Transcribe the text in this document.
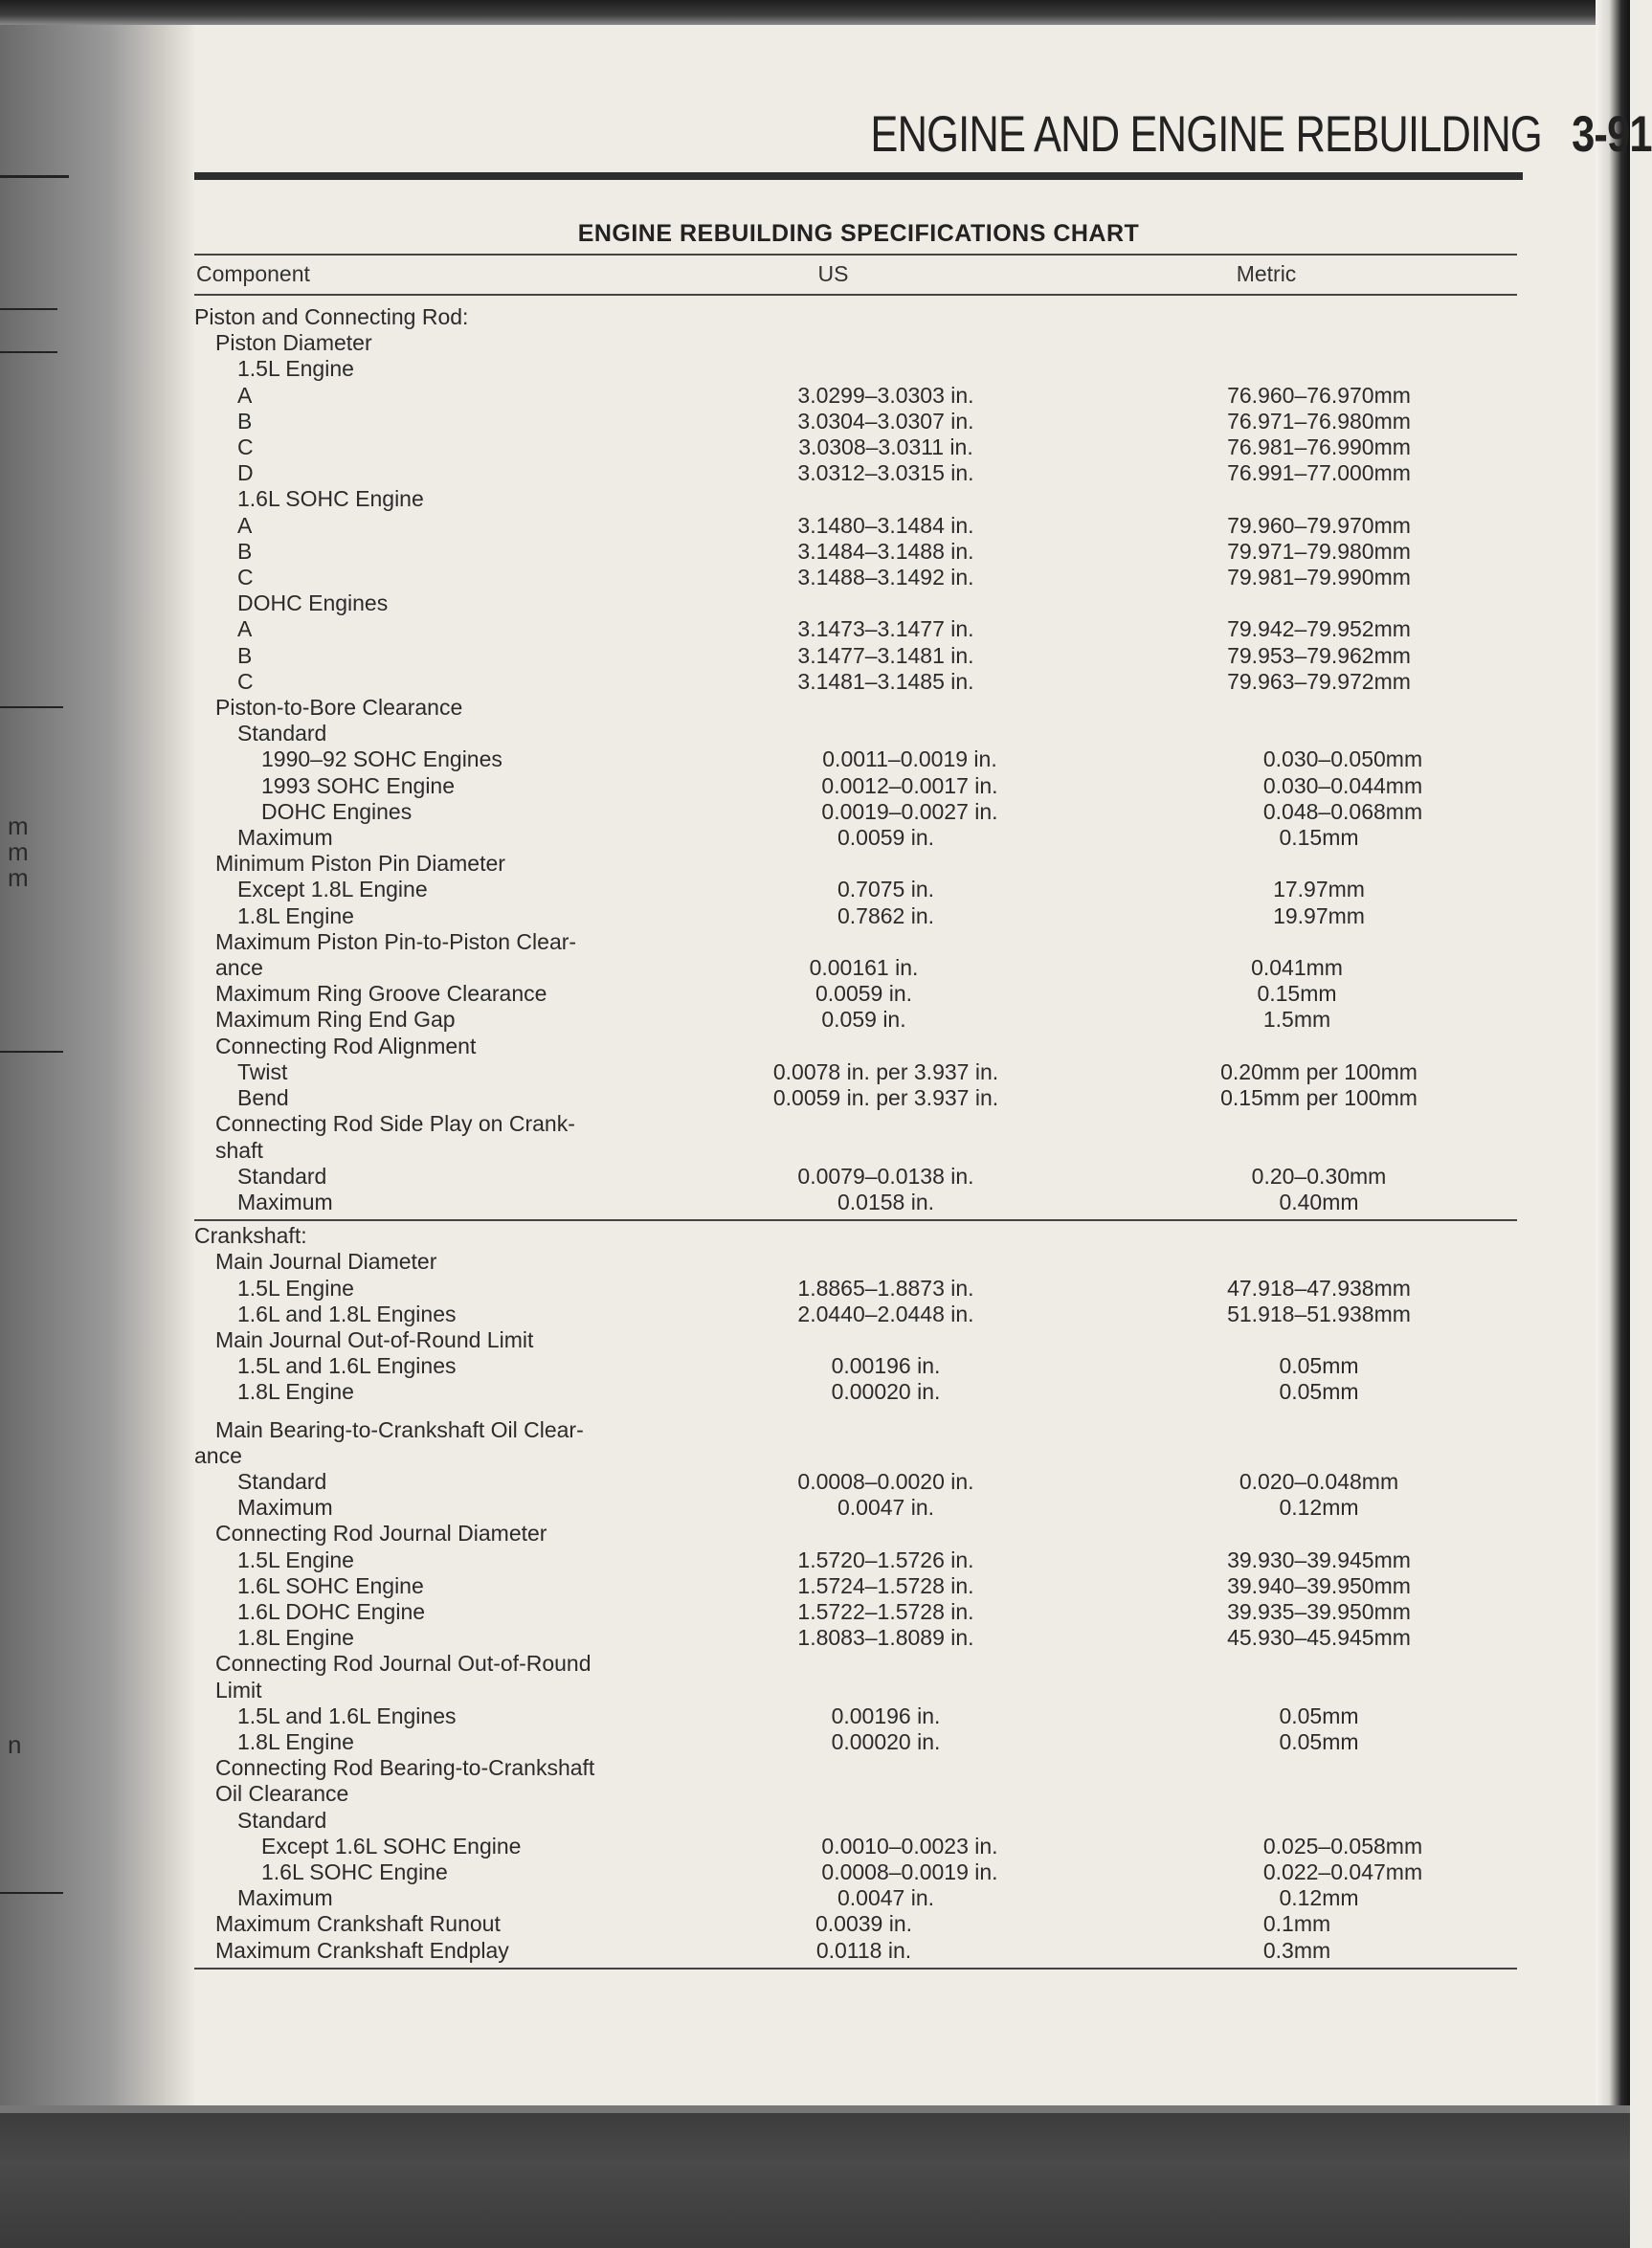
m
m
m
n
ENGINE AND ENGINE REBUILDING 3-91
ENGINE REBUILDING SPECIFICATIONS CHART
Component	US	Metric
Piston and Connecting Rod:
Piston Diameter
1.5L Engine
A	3.0299–3.0303 in.	76.960–76.970mm
B	3.0304–3.0307 in.	76.971–76.980mm
C	3.0308–3.0311 in.	76.981–76.990mm
D	3.0312–3.0315 in.	76.991–77.000mm
1.6L SOHC Engine
A	3.1480–3.1484 in.	79.960–79.970mm
B	3.1484–3.1488 in.	79.971–79.980mm
C	3.1488–3.1492 in.	79.981–79.990mm
DOHC Engines
A	3.1473–3.1477 in.	79.942–79.952mm
B	3.1477–3.1481 in.	79.953–79.962mm
C	3.1481–3.1485 in.	79.963–79.972mm
Piston-to-Bore Clearance
Standard
1990–92 SOHC Engines	0.0011–0.0019 in.	0.030–0.050mm
1993 SOHC Engine	0.0012–0.0017 in.	0.030–0.044mm
DOHC Engines	0.0019–0.0027 in.	0.048–0.068mm
Maximum	0.0059 in.	0.15mm
Minimum Piston Pin Diameter
Except 1.8L Engine	0.7075 in.	17.97mm
1.8L Engine	0.7862 in.	19.97mm
Maximum Piston Pin-to-Piston Clear-
ance	0.00161 in.	0.041mm
Maximum Ring Groove Clearance	0.0059 in.	0.15mm
Maximum Ring End Gap	0.059 in.	1.5mm
Connecting Rod Alignment
Twist	0.0078 in. per 3.937 in.	0.20mm per 100mm
Bend	0.0059 in. per 3.937 in.	0.15mm per 100mm
Connecting Rod Side Play on Crank-
shaft
Standard	0.0079–0.0138 in.	0.20–0.30mm
Maximum	0.0158 in.	0.40mm
Crankshaft:
Main Journal Diameter
1.5L Engine	1.8865–1.8873 in.	47.918–47.938mm
1.6L and 1.8L Engines	2.0440–2.0448 in.	51.918–51.938mm
Main Journal Out-of-Round Limit
1.5L and 1.6L Engines	0.00196 in.	0.05mm
1.8L Engine	0.00020 in.	0.05mm
Main Bearing-to-Crankshaft Oil Clear-
ance
Standard	0.0008–0.0020 in.	0.020–0.048mm
Maximum	0.0047 in.	0.12mm
Connecting Rod Journal Diameter
1.5L Engine	1.5720–1.5726 in.	39.930–39.945mm
1.6L SOHC Engine	1.5724–1.5728 in.	39.940–39.950mm
1.6L DOHC Engine	1.5722–1.5728 in.	39.935–39.950mm
1.8L Engine	1.8083–1.8089 in.	45.930–45.945mm
Connecting Rod Journal Out-of-Round
Limit
1.5L and 1.6L Engines	0.00196 in.	0.05mm
1.8L Engine	0.00020 in.	0.05mm
Connecting Rod Bearing-to-Crankshaft
Oil Clearance
Standard
Except 1.6L SOHC Engine	0.0010–0.0023 in.	0.025–0.058mm
1.6L SOHC Engine	0.0008–0.0019 in.	0.022–0.047mm
Maximum	0.0047 in.	0.12mm
Maximum Crankshaft Runout	0.0039 in.	0.1mm
Maximum Crankshaft Endplay	0.0118 in.	0.3mm
